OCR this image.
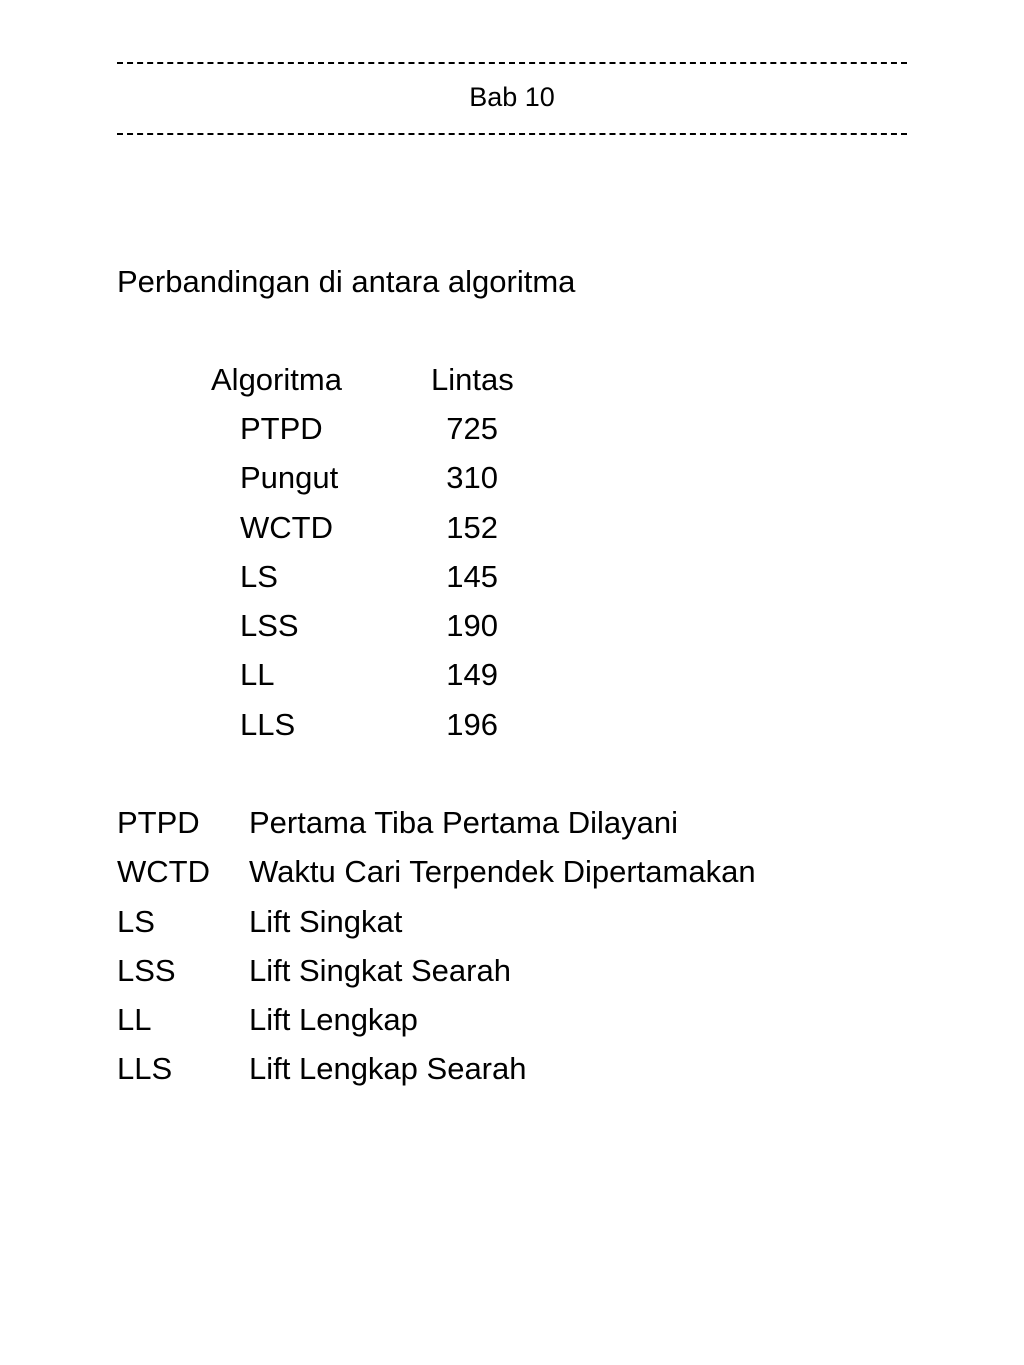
Bab 10
Perbandingan di antara algoritma
Algoritma	Lintas
PTPD	725
Pungut	310
WCTD	152
LS	145
LSS	190
LL	149
LLS	196
PTPD Pertama Tiba Pertama Dilayani
WCTD Waktu Cari Terpendek Dipertamakan
LS	Lift Singkat
LSS Lift Singkat Searah
LL	Lift Lengkap
LLS Lift Lengkap Searah
